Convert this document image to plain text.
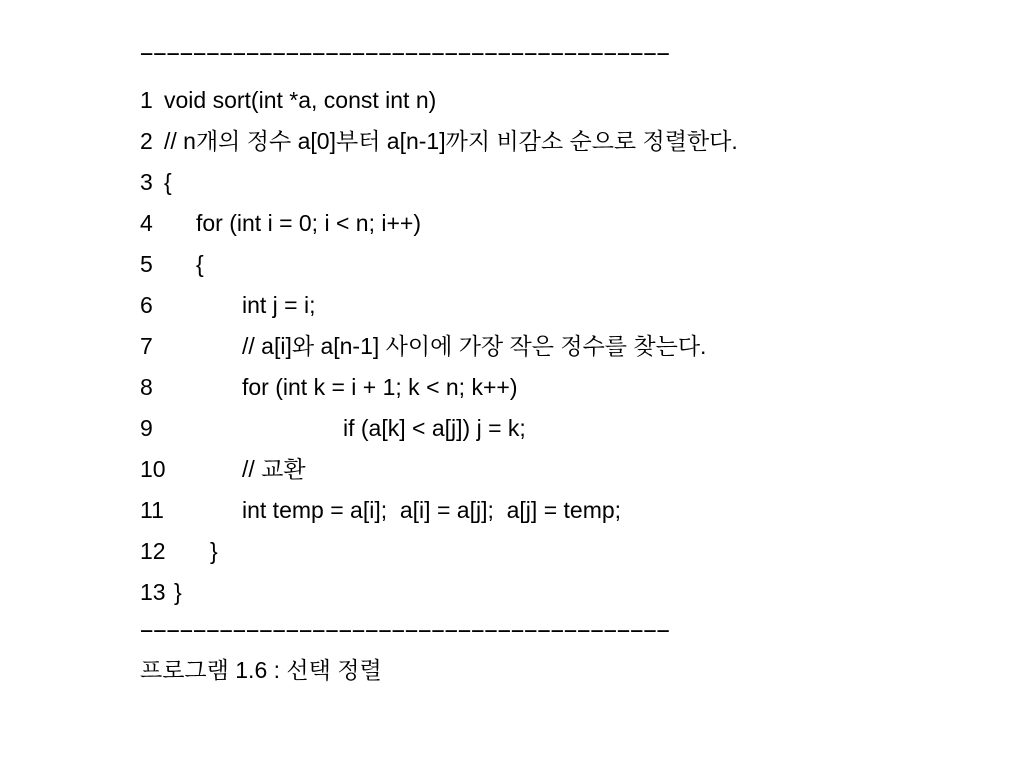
−−−−−−−−−−−−−−−−−−−−−−−−−−−−−−−−−−−−−−−−

1

void sort(int *a, const int n)

2

// n개의 정수 a[0]부터 a[n-1]까지 비감소 순으로 정렬한다.

3

{

4

for (int i = 0; i < n; i++)

5

{

6

	int j = i;

7

	// a[i]와 a[n-1] 사이에 가장 작은 정수를 찾는다.

8

	for (int k = i + 1; k < n; k++)

9

	if (a[k] < a[j]) j = k;

10

	// 교환

11

	int temp = a[i];  a[i] = a[j];  a[j] = temp;

12

}

13

}

−−−−−−−−−−−−−−−−−−−−−−−−−−−−−−−−−−−−−−−−
프로그램 1.6 : 선택 정렬
